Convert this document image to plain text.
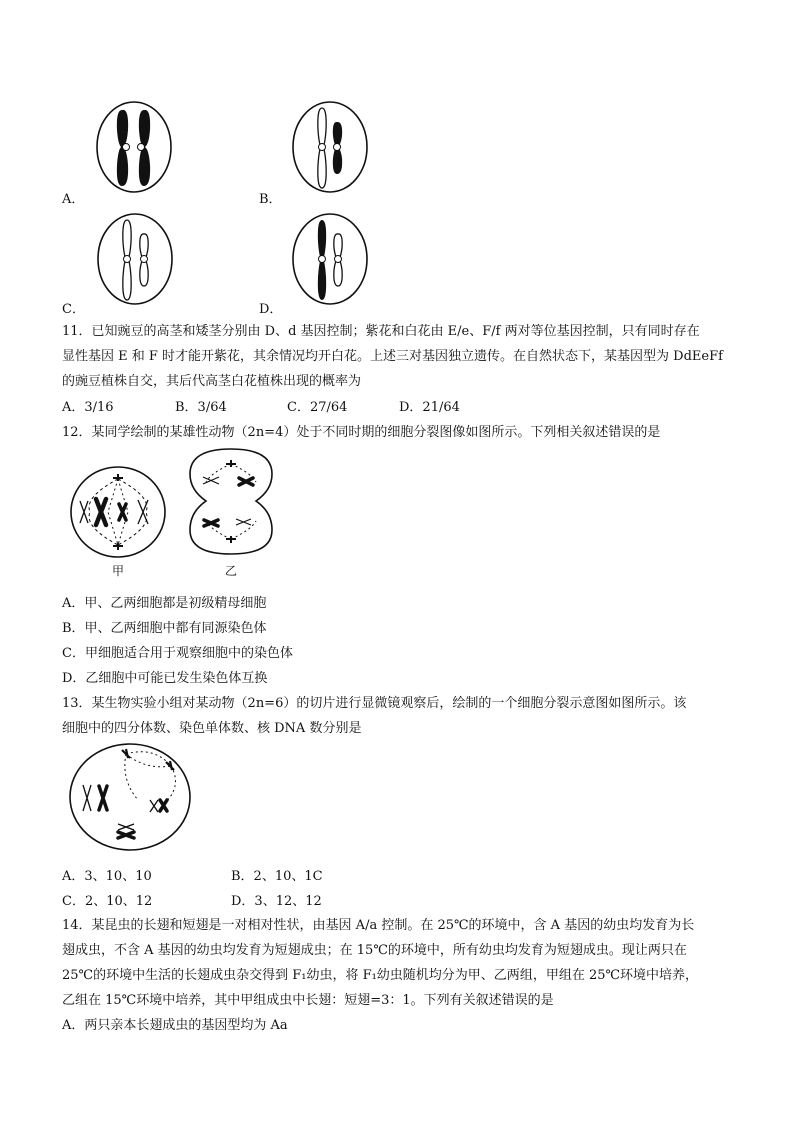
A．	B．
C．	D．
11．已知豌豆的高茎和矮茎分别由 D、d 基因控制；紫花和白花由 E/e、F/f 两对等位基因控制，只有同时存在
显性基因 E 和 F 时才能开紫花，其余情况均开白花。上述三对基因独立遗传。在自然状态下，某基因型为 DdEeFf
的豌豆植株自交，其后代高茎白花植株出现的概率为
A．3/16	B．3/64	C．27/64	D．21/64
12．某同学绘制的某雄性动物（2n=4）处于不同时期的细胞分裂图像如图所示。下列相关叙述错误的是
甲	乙
A．甲、乙两细胞都是初级精母细胞
B．甲、乙两细胞中都有同源染色体
C．甲细胞适合用于观察细胞中的染色体
D．乙细胞中可能已发生染色体互换
13．某生物实验小组对某动物（2n=6）的切片进行显微镜观察后，绘制的一个细胞分裂示意图如图所示。该
细胞中的四分体数、染色单体数、核 DNA 数分别是
A．3、10、10	B．2、10、1C
C．2、10、12	D．3、12、12
14．某昆虫的长翅和短翅是一对相对性状，由基因 A/a 控制。在 25℃的环境中，含 A 基因的幼虫均发育为长
翅成虫，不含 A 基因的幼虫均发育为短翅成虫；在 15℃的环境中，所有幼虫均发育为短翅成虫。现让两只在
25℃的环境中生活的长翅成虫杂交得到 F₁幼虫，将 F₁幼虫随机均分为甲、乙两组，甲组在 25℃环境中培养，
乙组在 15℃环境中培养，其中甲组成虫中长翅：短翅=3：1。下列有关叙述错误的是
A．两只亲本长翅成虫的基因型均为 Aa
